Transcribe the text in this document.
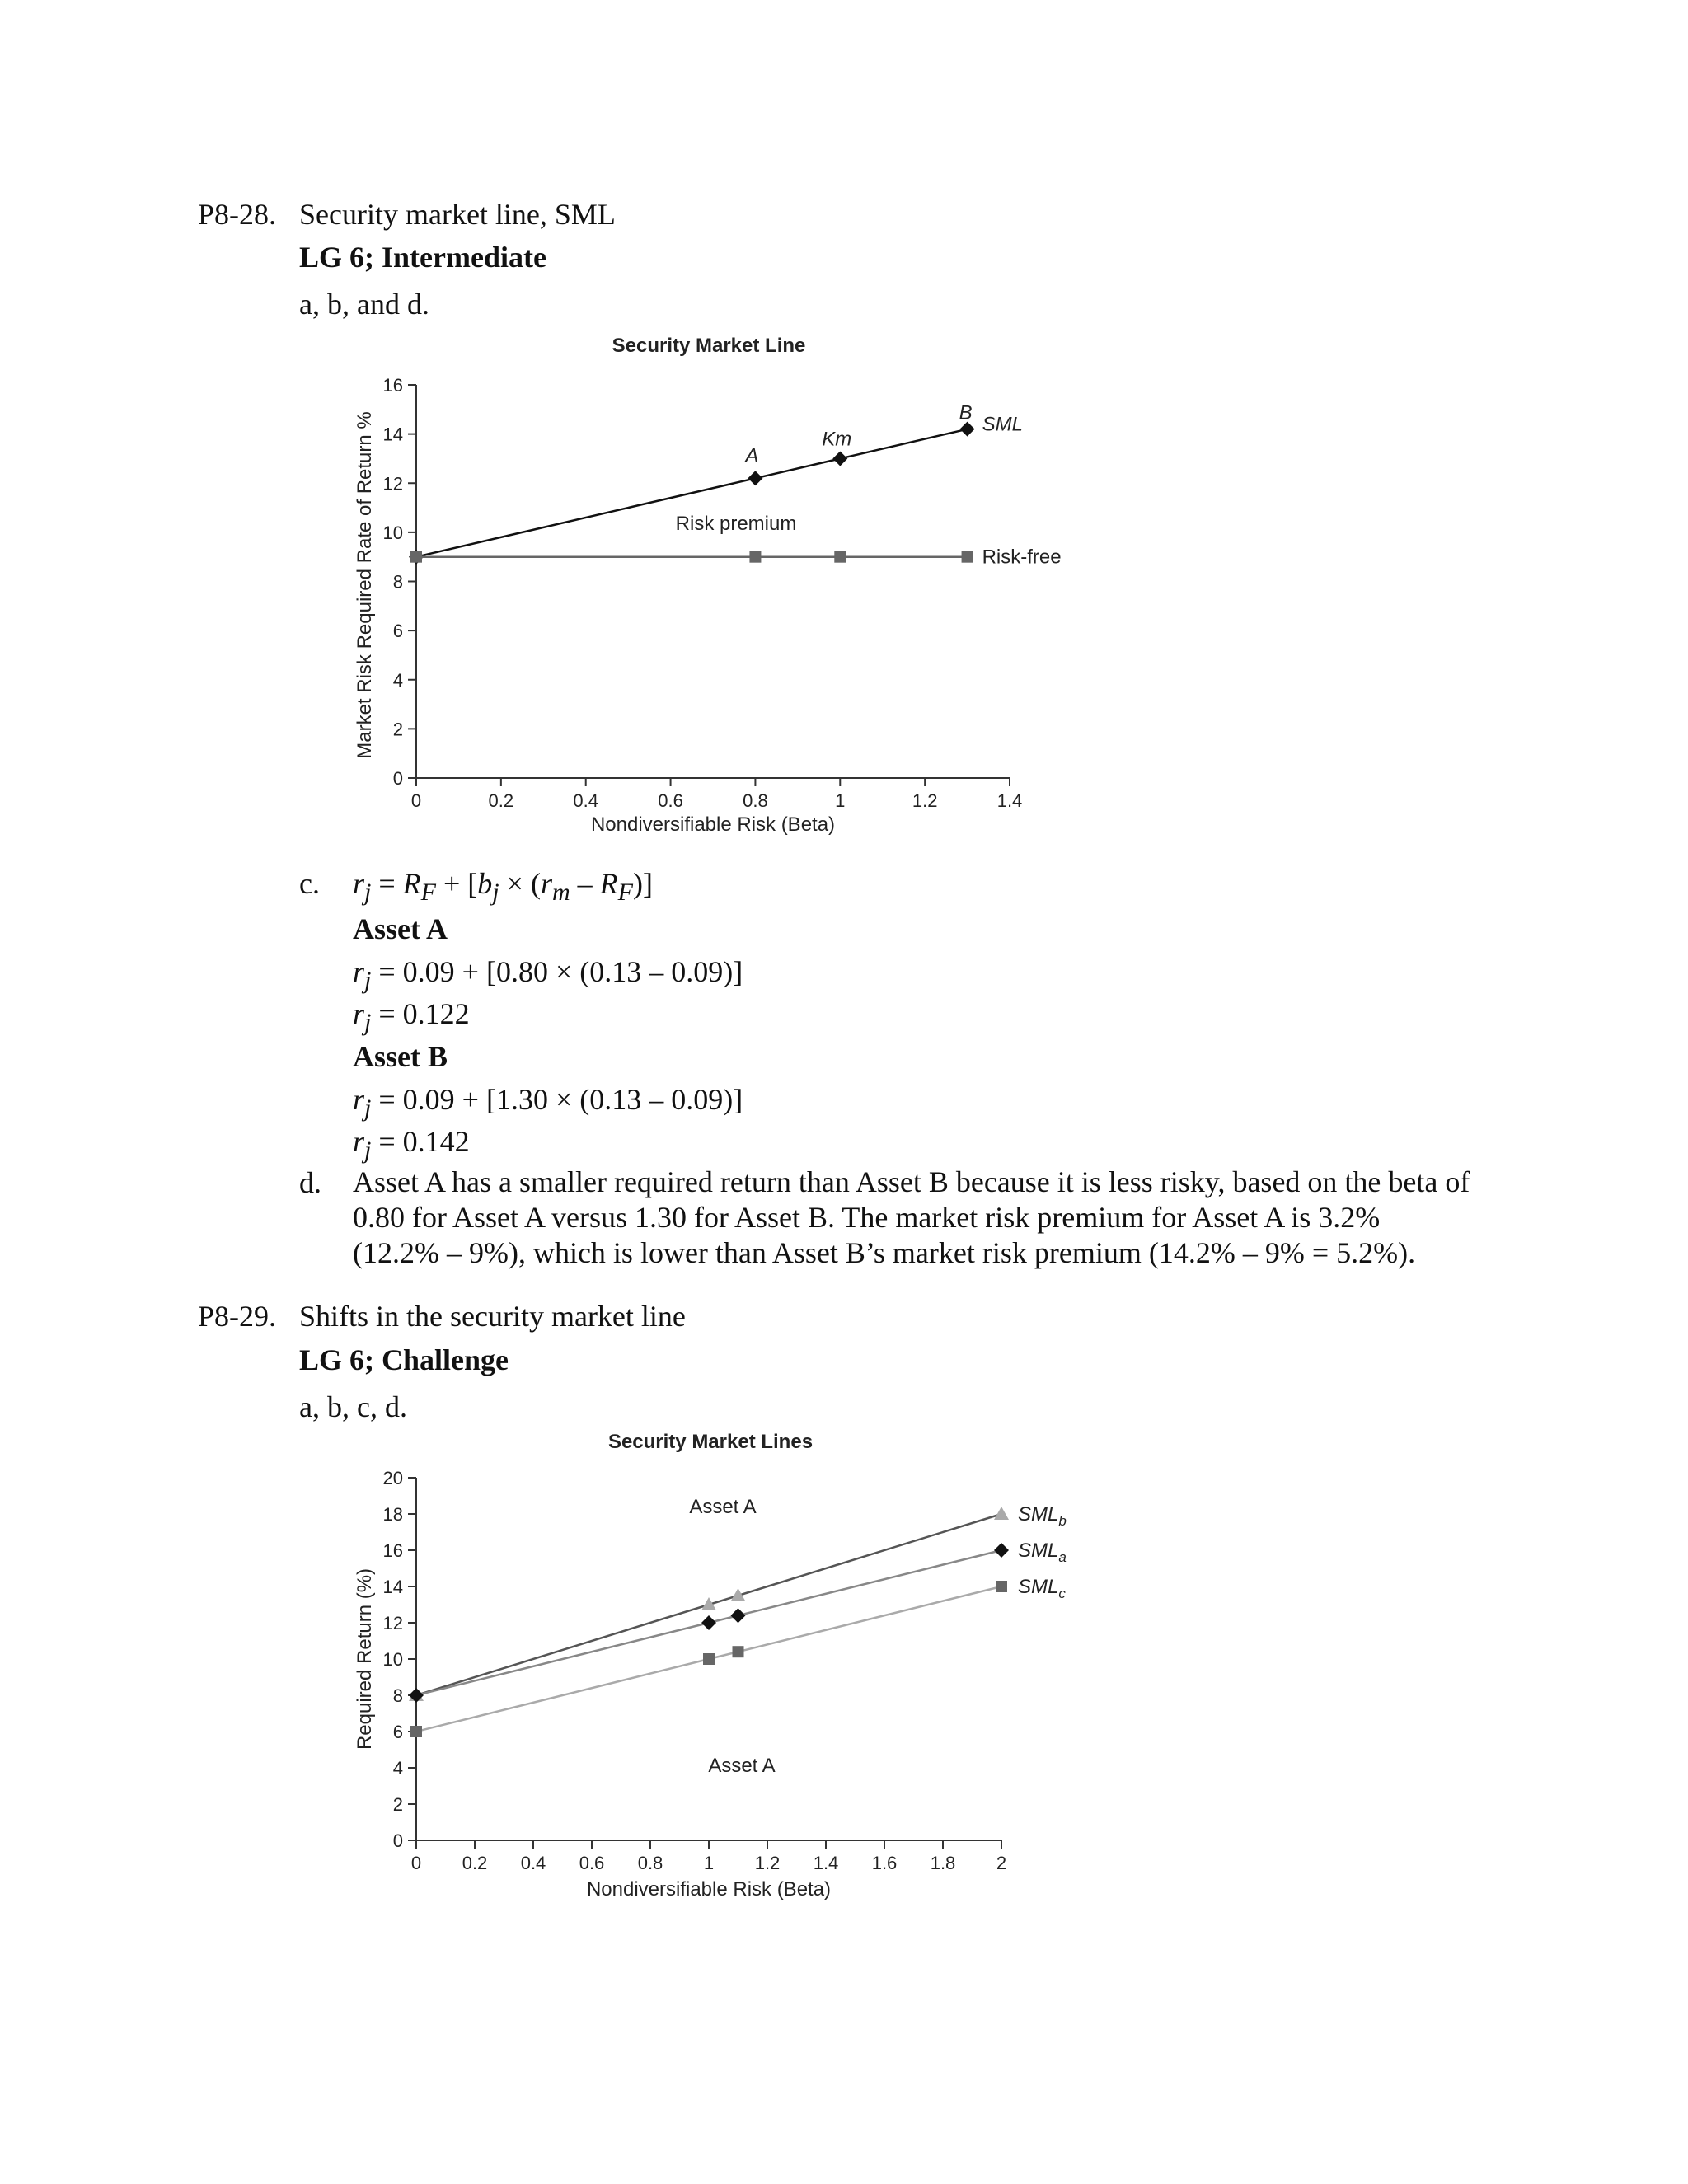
P8-28. Security market line, SML
LG 6; Intermediate
a, b, and d.
0
2
4
6
8
10
12
14
16
0	0.2	0.4	0.6	0.8	1	1.2	1.4
Security Market Line
Nondiversifiable Risk (Beta)
Market Risk Required Rate of Return %	SML
Risk-free
A
Km
B
Risk premium
c. $r_j = R_F + [b_j \times (r_m - R_F)]$
Asset A
$r_j = 0.09 + [0.80 \times (0.13 - 0.09)]$
$r_j = 0.122$
Asset B
$r_j = 0.09 + [1.30 \times (0.13 - 0.09)]$
$r_j = 0.142$
d. Asset A has a smaller required return than Asset B because it is less risky, based on the beta of 0.80 for Asset A versus 1.30 for Asset B. The market risk premium for Asset A is 3.2% (12.2% – 9%), which is lower than Asset B’s market risk premium (14.2% – 9% = 5.2%).
P8-29. Shifts in the security market line
LG 6; Challenge
a, b, c, d.
0
2
4
6
8
10
12
14
16
18
20
0 0.2 0.4 0.6 0.8 1 1.2 1.4 1.6 1.8 2
Security Market Lines
Nondiversifiable Risk (Beta)
Required Return (%)
$SML_b$
$SML_a$
$SML_c$
Asset A
Asset A
